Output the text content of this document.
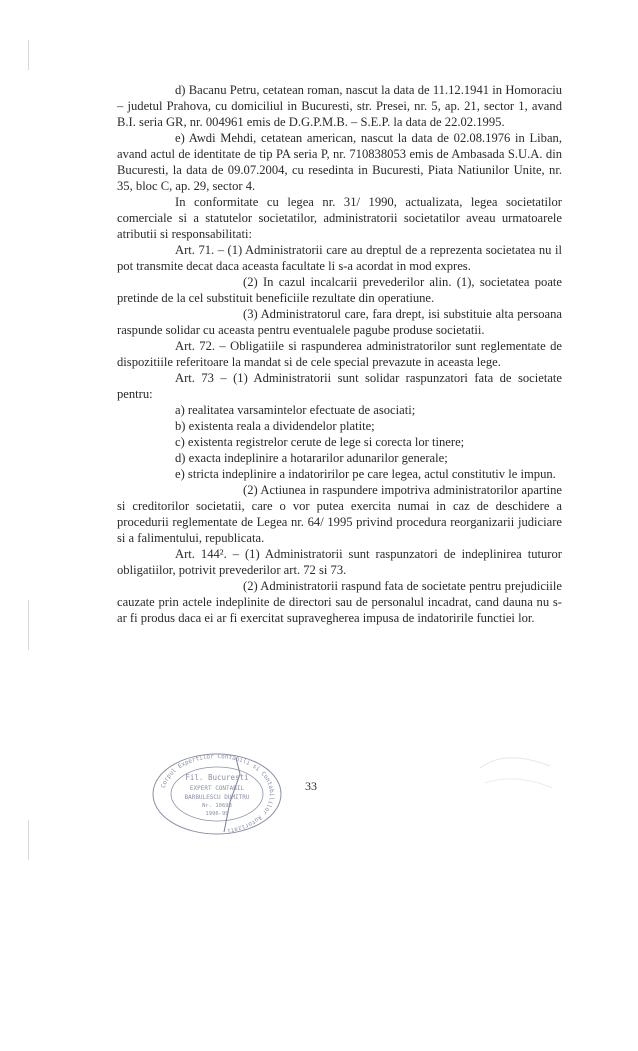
d) Bacanu Petru, cetatean roman, nascut la data de 11.12.1941 in Homoraciu – judetul Prahova, cu domiciliul in Bucuresti, str. Presei, nr. 5, ap. 21, sector 1, avand B.I. seria GR, nr. 004961 emis de D.G.P.M.B. – S.E.P. la data de 22.02.1995.

e) Awdi Mehdi, cetatean american, nascut la data de 02.08.1976 in Liban, avand actul de identitate de tip PA seria P, nr. 710838053 emis de Ambasada S.U.A. din Bucuresti, la data de 09.07.2004, cu resedinta in Bucuresti, Piata Natiunilor Unite, nr. 35, bloc C, ap. 29, sector 4.

In conformitate cu legea nr. 31/ 1990, actualizata, legea societatilor comerciale si a statutelor societatilor, administratorii societatilor aveau urmatoarele atributii si responsabilitati:

Art. 71. – (1) Administratorii care au dreptul de a reprezenta societatea nu il pot transmite decat daca aceasta facultate li s-a acordat in mod expres.

(2) In cazul incalcarii prevederilor alin. (1), societatea poate pretinde de la cel substituit beneficiile rezultate din operatiune.

(3) Administratorul care, fara drept, isi substituie alta persoana raspunde solidar cu aceasta pentru eventualele pagube produse societatii.

Art. 72. – Obligatiile si raspunderea administratorilor sunt reglementate de dispozitiile referitoare la mandat si de cele special prevazute in aceasta lege.

Art. 73 – (1) Administratorii sunt solidar raspunzatori fata de societate pentru:

a) realitatea varsamintelor efectuate de asociati;

b) existenta reala a dividendelor platite;

c) existenta registrelor cerute de lege si corecta lor tinere;

d) exacta indeplinire a hotararilor adunarilor generale;

e) stricta indeplinire a indatoririlor pe care legea, actul constitutiv le impun.

(2) Actiunea in raspundere impotriva administratorilor apartine si creditorilor societatii, care o vor putea exercita numai in caz de deschidere a procedurii reglementate de Legea nr. 64/ 1995 privind procedura reorganizarii judiciare si a falimentului, republicata.

Art. 144². – (1) Administratorii sunt raspunzatori de indeplinirea tuturor obligatiilor, potrivit prevederilor art. 72 si 73.

(2) Administratorii raspund fata de societate pentru prejudiciile cauzate prin actele indeplinite de directori sau de personalul incadrat, cand dauna nu s-ar fi produs daca ei ar fi exercitat supravegherea impusa de indatoririle functiei lor.

Corpul Expertilor Contabili si Contabililor Autorizati
Fil. Bucuresti
EXPERT CONTABIL
BARBULESCU DUMITRU
Nr. 10693
1996-99
33
